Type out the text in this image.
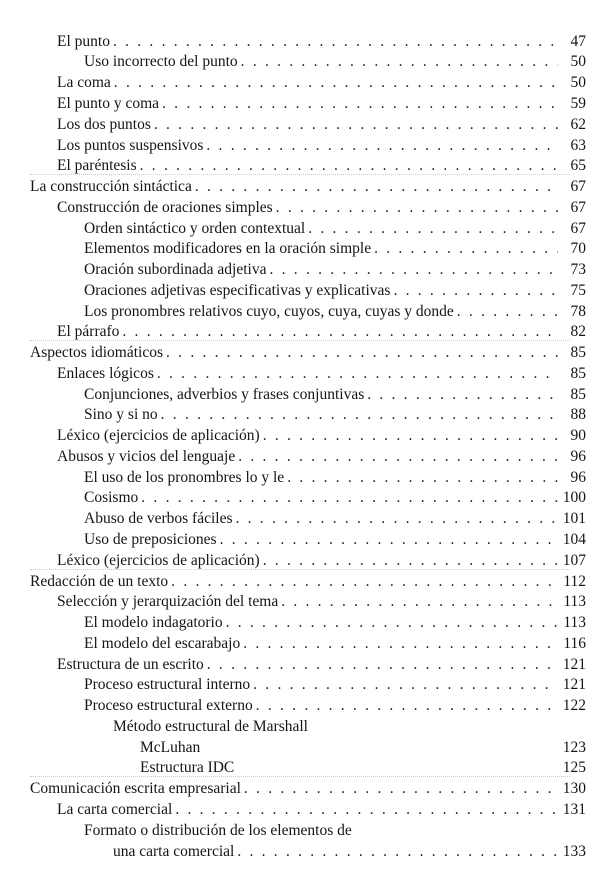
El punto . . .	47
Uso incorrecto del punto . . .	50
La coma . . .	50
El punto y coma . . .	59
Los dos puntos . . .	62
Los puntos suspensivos . . .	63
El paréntesis . . .	65
La construcción sintáctica . . .	67
Construcción de oraciones simples . . .	67
Orden sintáctico y orden contextual . . .	67
Elementos modificadores en la oración simple . . .	70
Oración subordinada adjetiva . . .	73
Oraciones adjetivas especificativas y explicativas . . .	75
Los pronombres relativos cuyo, cuyos, cuya, cuyas y donde . . .	78
El párrafo . . .	82
Aspectos idiomáticos . . .	85
Enlaces lógicos . . .	85
Conjunciones, adverbios y frases conjuntivas . . .	85
Sino y si no . . .	88
Léxico (ejercicios de aplicación) . . .	90
Abusos y vicios del lenguaje . . .	96
El uso de los pronombres lo y le . . .	96
Cosismo . . .	100
Abuso de verbos fáciles . . .	101
Uso de preposiciones . . .	104
Léxico (ejercicios de aplicación) . . .	107
Redacción de un texto . . .	112
Selección y jerarquización del tema . . .	113
El modelo indagatorio . . .	113
El modelo del escarabajo . . .	116
Estructura de un escrito . . .	121
Proceso estructural interno . . .	121
Proceso estructural externo . . .	122
Método estructural de Marshall
McLuhan	123
Estructura IDC	125
Comunicación escrita empresarial . . .	130
La carta comercial . . .	131
Formato o distribución de los elementos de
una carta comercial . . .	133
